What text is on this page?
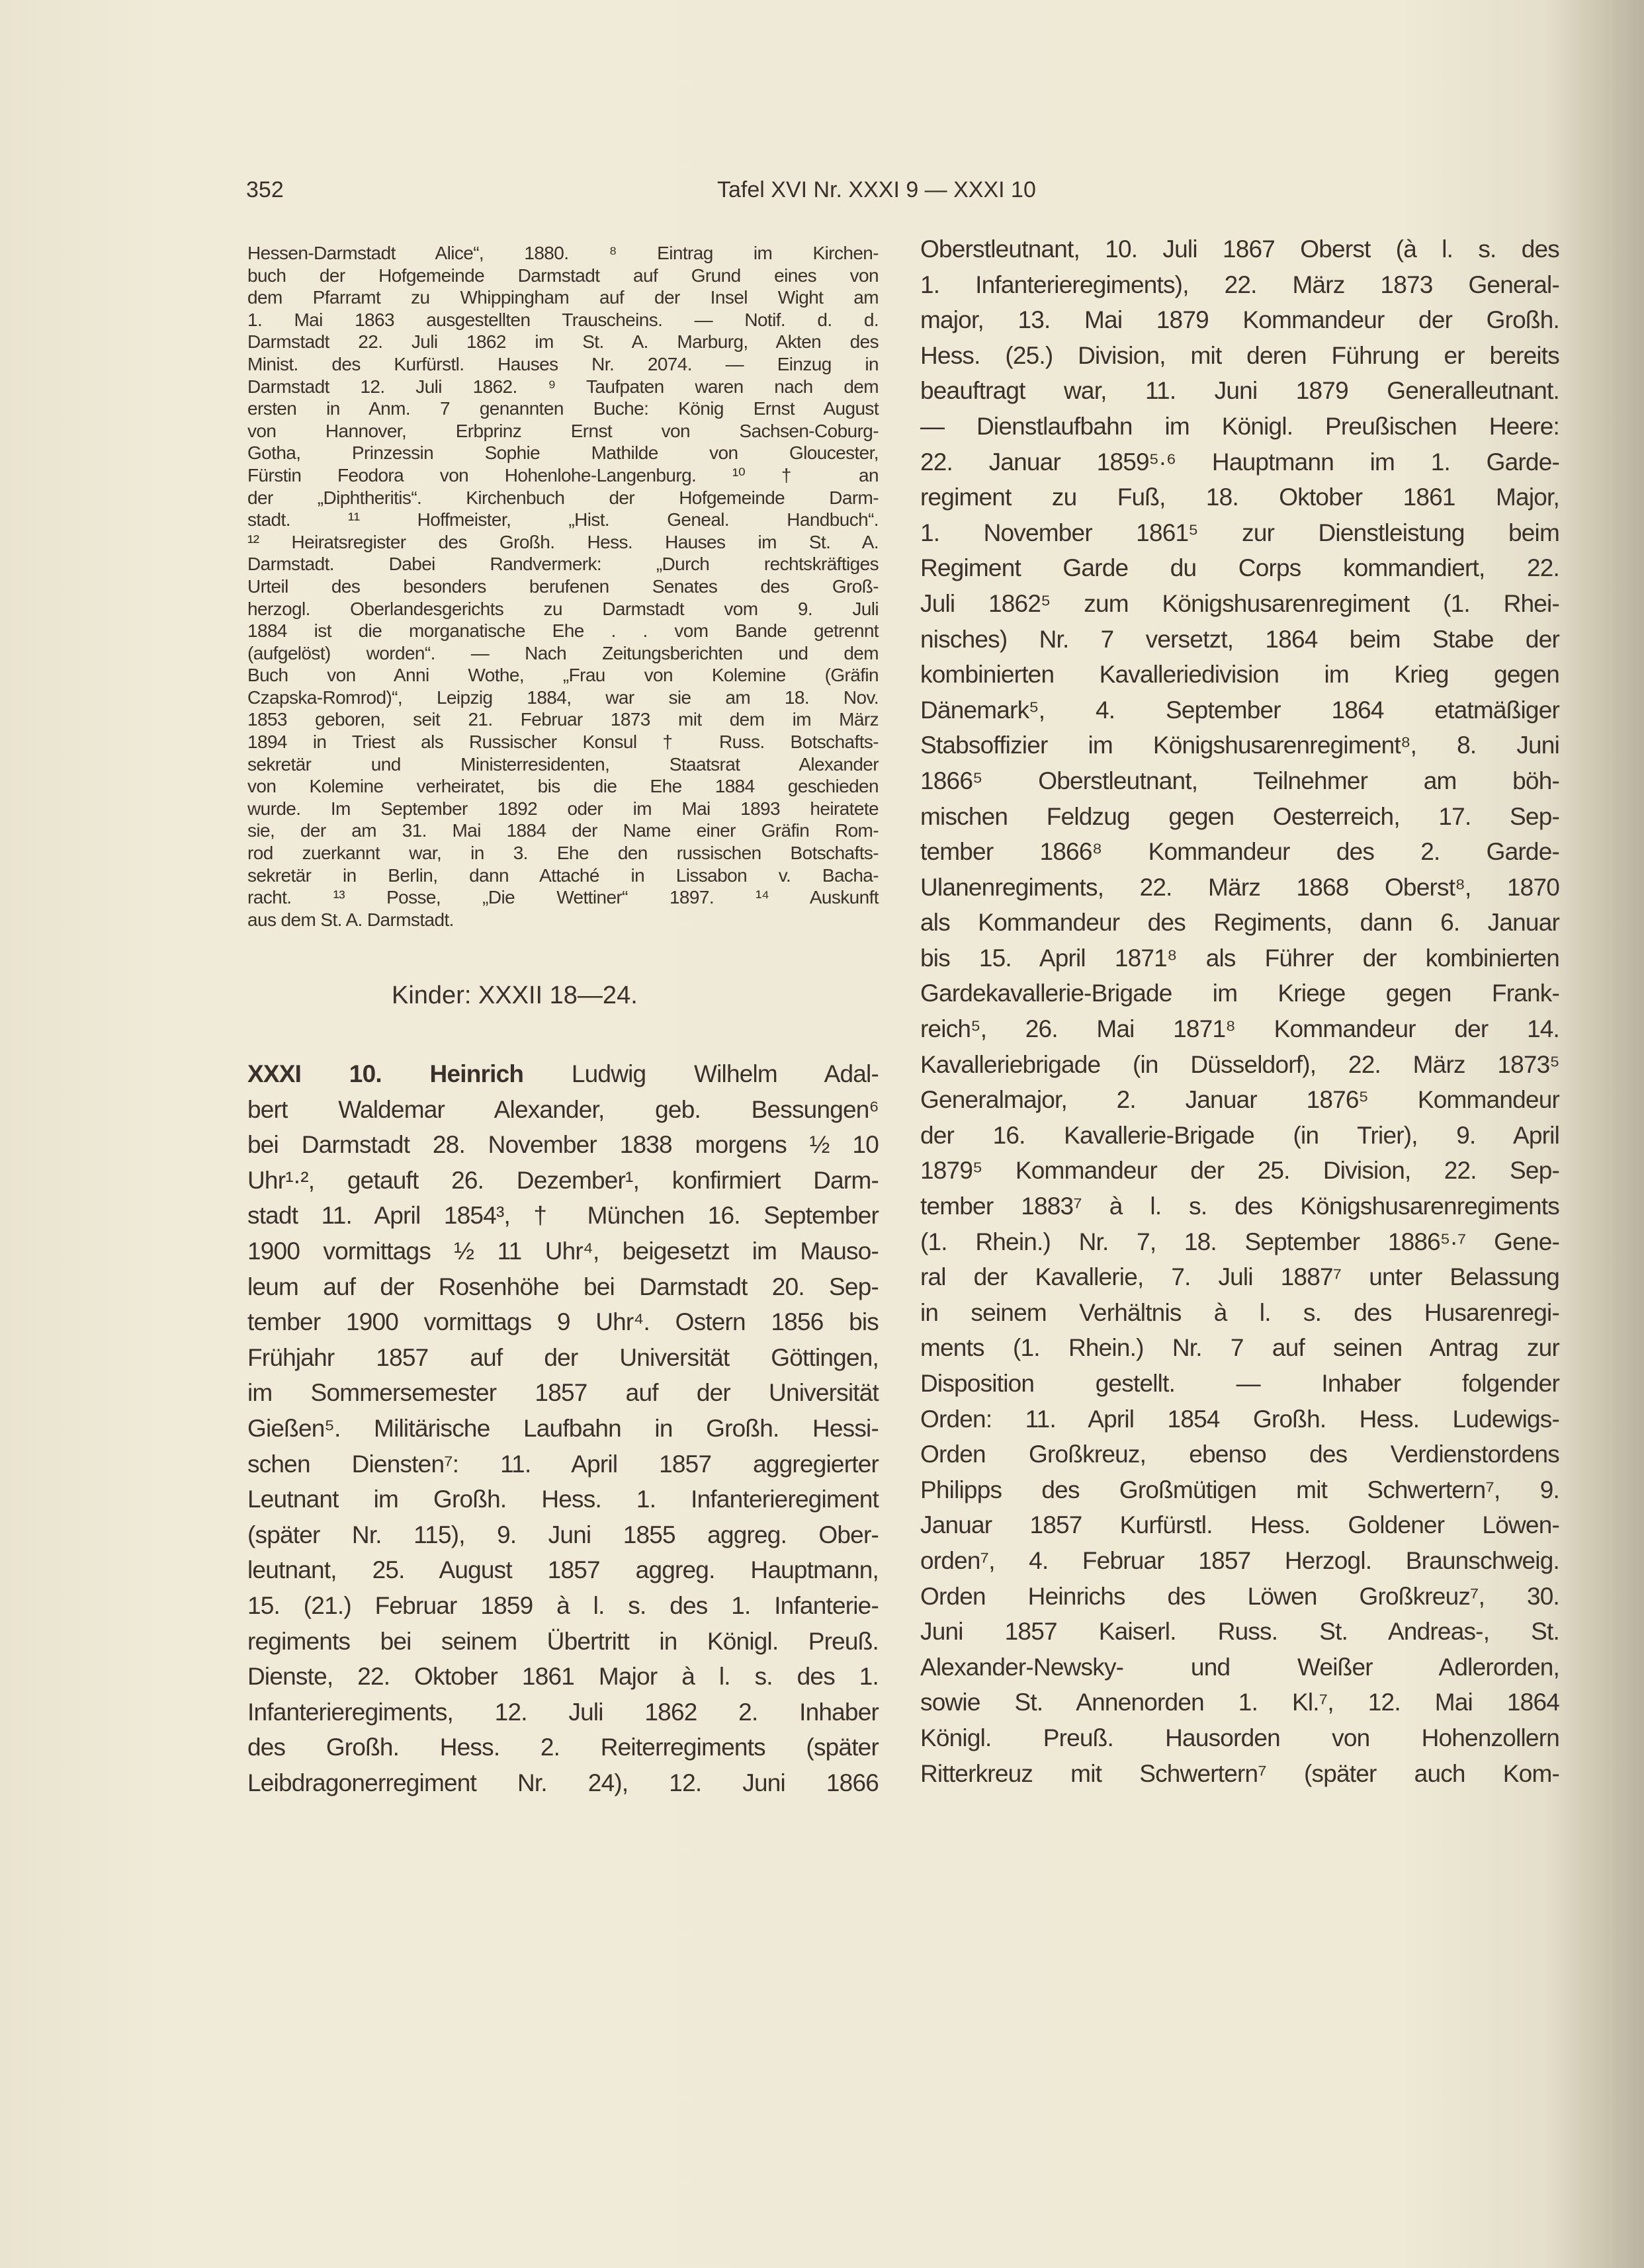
352	Tafel XVI Nr. XXXI 9 — XXXI 10
Hessen-Darmstadt Alice“, 1880. ⁸ Eintrag im Kirchen-
buch der Hofgemeinde Darmstadt auf Grund eines von
dem Pfarramt zu Whippingham auf der Insel Wight am
1. Mai 1863 ausgestellten Trauscheins. — Notif. d. d.
Darmstadt 22. Juli 1862 im St. A. Marburg, Akten des
Minist. des Kurfürstl. Hauses Nr. 2074. — Einzug in
Darmstadt 12. Juli 1862. ⁹ Taufpaten waren nach dem
ersten in Anm. 7 genannten Buche: König Ernst August
von Hannover, Erbprinz Ernst von Sachsen-Coburg-
Gotha, Prinzessin Sophie Mathilde von Gloucester,
Fürstin Feodora von Hohenlohe-Langenburg. ¹⁰ † an
der „Diphtheritis“. Kirchenbuch der Hofgemeinde Darm-
stadt. ¹¹ Hoffmeister, „Hist. Geneal. Handbuch“.
¹² Heiratsregister des Großh. Hess. Hauses im St. A.
Darmstadt. Dabei Randvermerk: „Durch rechtskräftiges
Urteil des besonders berufenen Senates des Groß-
herzogl. Oberlandesgerichts zu Darmstadt vom 9. Juli
1884 ist die morganatische Ehe . . vom Bande getrennt
(aufgelöst) worden“. — Nach Zeitungsberichten und dem
Buch von Anni Wothe, „Frau von Kolemine (Gräfin
Czapska-Romrod)“, Leipzig 1884, war sie am 18. Nov.
1853 geboren, seit 21. Februar 1873 mit dem im März
1894 in Triest als Russischer Konsul † Russ. Botschafts-
sekretär und Ministerresidenten, Staatsrat Alexander
von Kolemine verheiratet, bis die Ehe 1884 geschieden
wurde. Im September 1892 oder im Mai 1893 heiratete
sie, der am 31. Mai 1884 der Name einer Gräfin Rom-
rod zuerkannt war, in 3. Ehe den russischen Botschafts-
sekretär in Berlin, dann Attaché in Lissabon v. Bacha-
racht. ¹³ Posse, „Die Wettiner“ 1897. ¹⁴ Auskunft
aus dem St. A. Darmstadt.
Kinder: XXXII 18—24.
XXXI 10. Heinrich Ludwig Wilhelm Adal-
bert Waldemar Alexander, geb. Bessungen⁶
bei Darmstadt 28. November 1838 morgens ½ 10
Uhr¹·², getauft 26. Dezember¹, konfirmiert Darm-
stadt 11. April 1854³, † München 16. September
1900 vormittags ½ 11 Uhr⁴, beigesetzt im Mauso-
leum auf der Rosenhöhe bei Darmstadt 20. Sep-
tember 1900 vormittags 9 Uhr⁴. Ostern 1856 bis
Frühjahr 1857 auf der Universität Göttingen,
im Sommersemester 1857 auf der Universität
Gießen⁵. Militärische Laufbahn in Großh. Hessi-
schen Diensten⁷: 11. April 1857 aggregierter
Leutnant im Großh. Hess. 1. Infanterieregiment
(später Nr. 115), 9. Juni 1855 aggreg. Ober-
leutnant, 25. August 1857 aggreg. Hauptmann,
15. (21.) Februar 1859 à l. s. des 1. Infanterie-
regiments bei seinem Übertritt in Königl. Preuß.
Dienste, 22. Oktober 1861 Major à l. s. des 1.
Infanterieregiments, 12. Juli 1862 2. Inhaber
des Großh. Hess. 2. Reiterregiments (später
Leibdragonerregiment Nr. 24), 12. Juni 1866
Oberstleutnant, 10. Juli 1867 Oberst (à l. s. des
1. Infanterieregiments), 22. März 1873 General-
major, 13. Mai 1879 Kommandeur der Großh.
Hess. (25.) Division, mit deren Führung er bereits
beauftragt war, 11. Juni 1879 Generalleutnant.
— Dienstlaufbahn im Königl. Preußischen Heere:
22. Januar 1859⁵·⁶ Hauptmann im 1. Garde-
regiment zu Fuß, 18. Oktober 1861 Major,
1. November 1861⁵ zur Dienstleistung beim
Regiment Garde du Corps kommandiert, 22.
Juli 1862⁵ zum Königshusarenregiment (1. Rhei-
nisches) Nr. 7 versetzt, 1864 beim Stabe der
kombinierten Kavalleriedivision im Krieg gegen
Dänemark⁵, 4. September 1864 etatmäßiger
Stabsoffizier im Königshusarenregiment⁸, 8. Juni
1866⁵ Oberstleutnant, Teilnehmer am böh-
mischen Feldzug gegen Oesterreich, 17. Sep-
tember 1866⁸ Kommandeur des 2. Garde-
Ulanenregiments, 22. März 1868 Oberst⁸, 1870
als Kommandeur des Regiments, dann 6. Januar
bis 15. April 1871⁸ als Führer der kombinierten
Gardekavallerie-Brigade im Kriege gegen Frank-
reich⁵, 26. Mai 1871⁸ Kommandeur der 14.
Kavalleriebrigade (in Düsseldorf), 22. März 1873⁵
Generalmajor, 2. Januar 1876⁵ Kommandeur
der 16. Kavallerie-Brigade (in Trier), 9. April
1879⁵ Kommandeur der 25. Division, 22. Sep-
tember 1883⁷ à l. s. des Königshusarenregiments
(1. Rhein.) Nr. 7, 18. September 1886⁵·⁷ Gene-
ral der Kavallerie, 7. Juli 1887⁷ unter Belassung
in seinem Verhältnis à l. s. des Husarenregi-
ments (1. Rhein.) Nr. 7 auf seinen Antrag zur
Disposition gestellt. — Inhaber folgender
Orden: 11. April 1854 Großh. Hess. Ludewigs-
Orden Großkreuz, ebenso des Verdienstordens
Philipps des Großmütigen mit Schwertern⁷, 9.
Januar 1857 Kurfürstl. Hess. Goldener Löwen-
orden⁷, 4. Februar 1857 Herzogl. Braunschweig.
Orden Heinrichs des Löwen Großkreuz⁷, 30.
Juni 1857 Kaiserl. Russ. St. Andreas-, St.
Alexander-Newsky- und Weißer Adlerorden,
sowie St. Annenorden 1. Kl.⁷, 12. Mai 1864
Königl. Preuß. Hausorden von Hohenzollern
Ritterkreuz mit Schwertern⁷ (später auch Kom-
